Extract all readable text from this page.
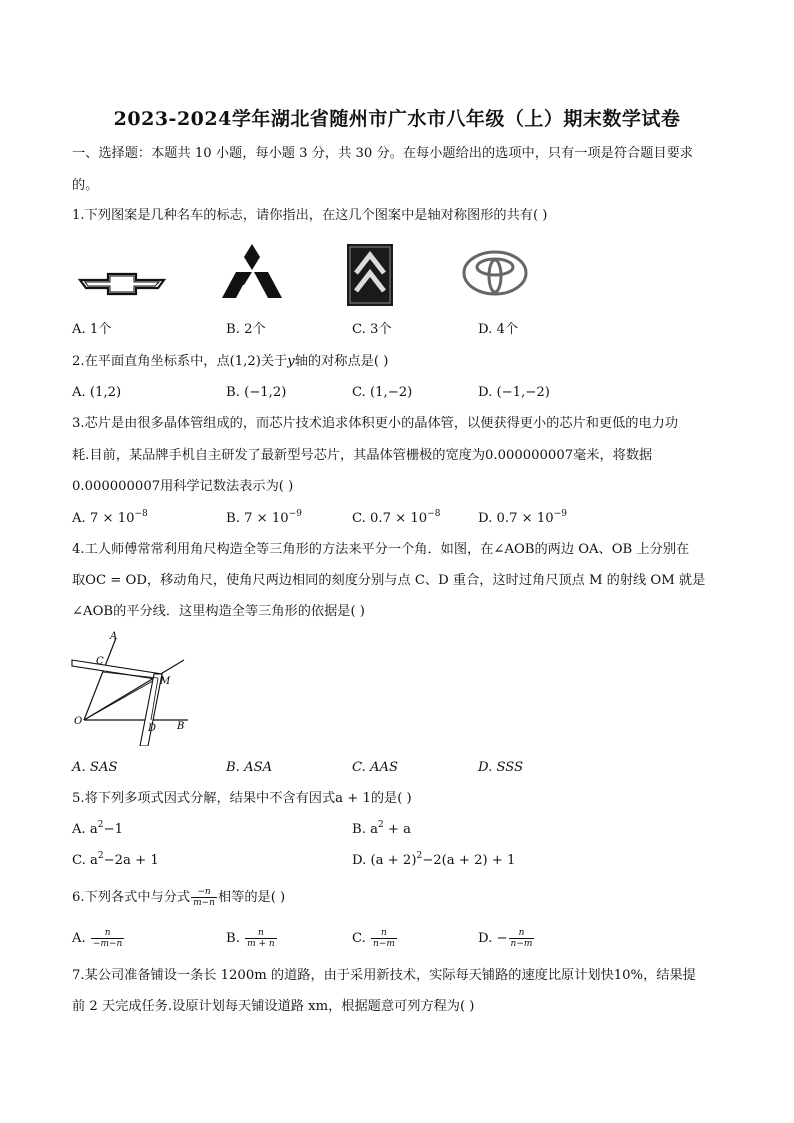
2023-2024学年湖北省随州市广水市八年级（上）期末数学试卷
一、选择题：本题共 10 小题，每小题 3 分，共 30 分。在每小题给出的选项中，只有一项是符合题目要求
的。
1.下列图案是几种名车的标志，请你指出，在这几个图案中是轴对称图形的共有( )
A. 1个	B. 2个	C. 3个	D. 4个
2.在平面直角坐标系中，点(1,2)关于y轴的对称点是( )
A. (1,2)	B. (−1,2)	C. (1,−2)	D. (−1,−2)
3.芯片是由很多晶体管组成的，而芯片技术追求体积更小的晶体管，以便获得更小的芯片和更低的电力功
耗.目前，某品牌手机自主研发了最新型号芯片，其晶体管栅极的宽度为0.000000007毫米，将数据
0.000000007用科学记数法表示为( )
A. $7 \times 10^{-8}$	B. $7 \times 10^{-9}$	C. $0.7 \times 10^{-8}$	D. $0.7 \times 10^{-9}$
4.工人师傅常常利用角尺构造全等三角形的方法来平分一个角．如图，在∠AOB的两边 OA、OB 上分别在
取OC = OD，移动角尺，使角尺两边相同的刻度分别与点 C、D 重合，这时过角尺顶点 M 的射线 OM 就是
∠AOB的平分线．这里构造全等三角形的依据是( )
A
C
M
O
D B
A. SAS	B. ASA	C. AAS	D. SSS
5.将下列多项式因式分解，结果中不含有因式a + 1的是( )
A. $a^2-1$	B. $a^2 + a$
C. $a^2-2a + 1$	D. $(a + 2)^2-2(a + 2) + 1$
6.下列各式中与分式 $\frac{-n}{m-n}$ 相等的是( )
A. $\frac{n}{-m-n}$	B. $\frac{n}{m + n}$	C. $\frac{n}{n-m}$	D. − $\frac{n}{n-m}$
7.某公司准备铺设一条长 1200m 的道路，由于采用新技术，实际每天铺路的速度比原计划快10%，结果提
前 2 天完成任务.设原计划每天铺设道路 xm，根据题意可列方程为( )
